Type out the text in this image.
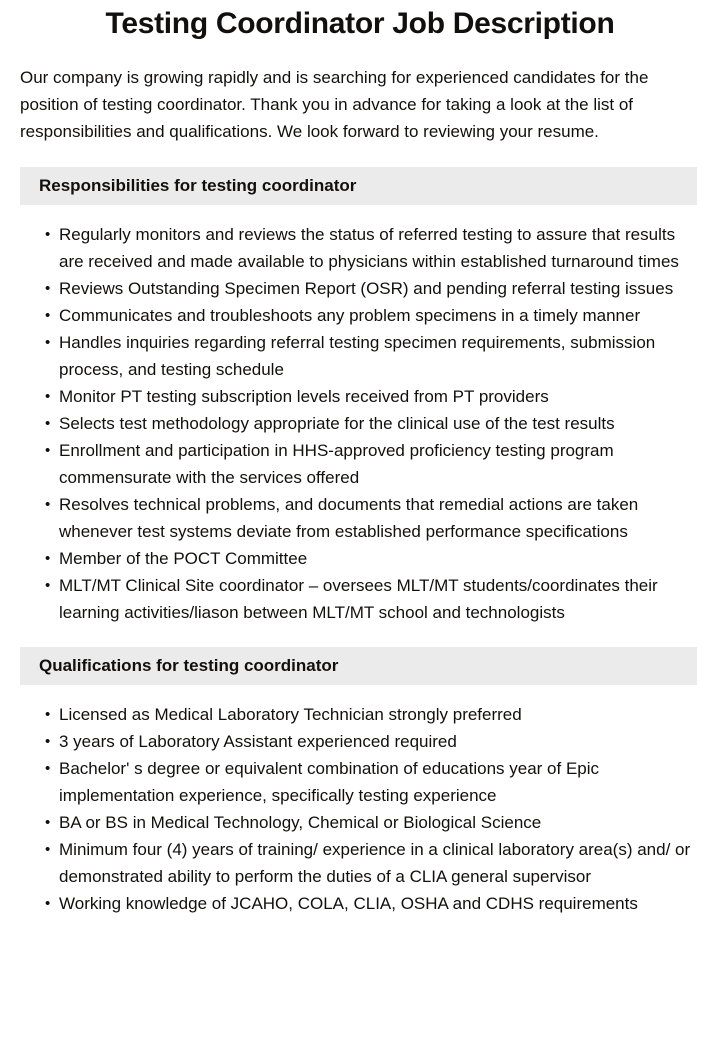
Testing Coordinator Job Description

Our company is growing rapidly and is searching for experienced candidates for the position of testing coordinator. Thank you in advance for taking a look at the list of responsibilities and qualifications. We look forward to reviewing your resume.

Responsibilities for testing coordinator
• Regularly monitors and reviews the status of referred testing to assure that results are received and made available to physicians within established turnaround times
• Reviews Outstanding Specimen Report (OSR) and pending referral testing issues
• Communicates and troubleshoots any problem specimens in a timely manner
• Handles inquiries regarding referral testing specimen requirements, submission process, and testing schedule
• Monitor PT testing subscription levels received from PT providers
• Selects test methodology appropriate for the clinical use of the test results
• Enrollment and participation in HHS-approved proficiency testing program commensurate with the services offered
• Resolves technical problems, and documents that remedial actions are taken whenever test systems deviate from established performance specifications
• Member of the POCT Committee
• MLT/MT Clinical Site coordinator – oversees MLT/MT students/coordinates their learning activities/liason between MLT/MT school and technologists
Qualifications for testing coordinator
• Licensed as Medical Laboratory Technician strongly preferred
• 3 years of Laboratory Assistant experienced required
• Bachelor' s degree or equivalent combination of educations year of Epic implementation experience, specifically testing experience
• BA or BS in Medical Technology, Chemical or Biological Science
• Minimum four (4) years of training/ experience in a clinical laboratory area(s) and/ or demonstrated ability to perform the duties of a CLIA general supervisor
• Working knowledge of JCAHO, COLA, CLIA, OSHA and CDHS requirements
